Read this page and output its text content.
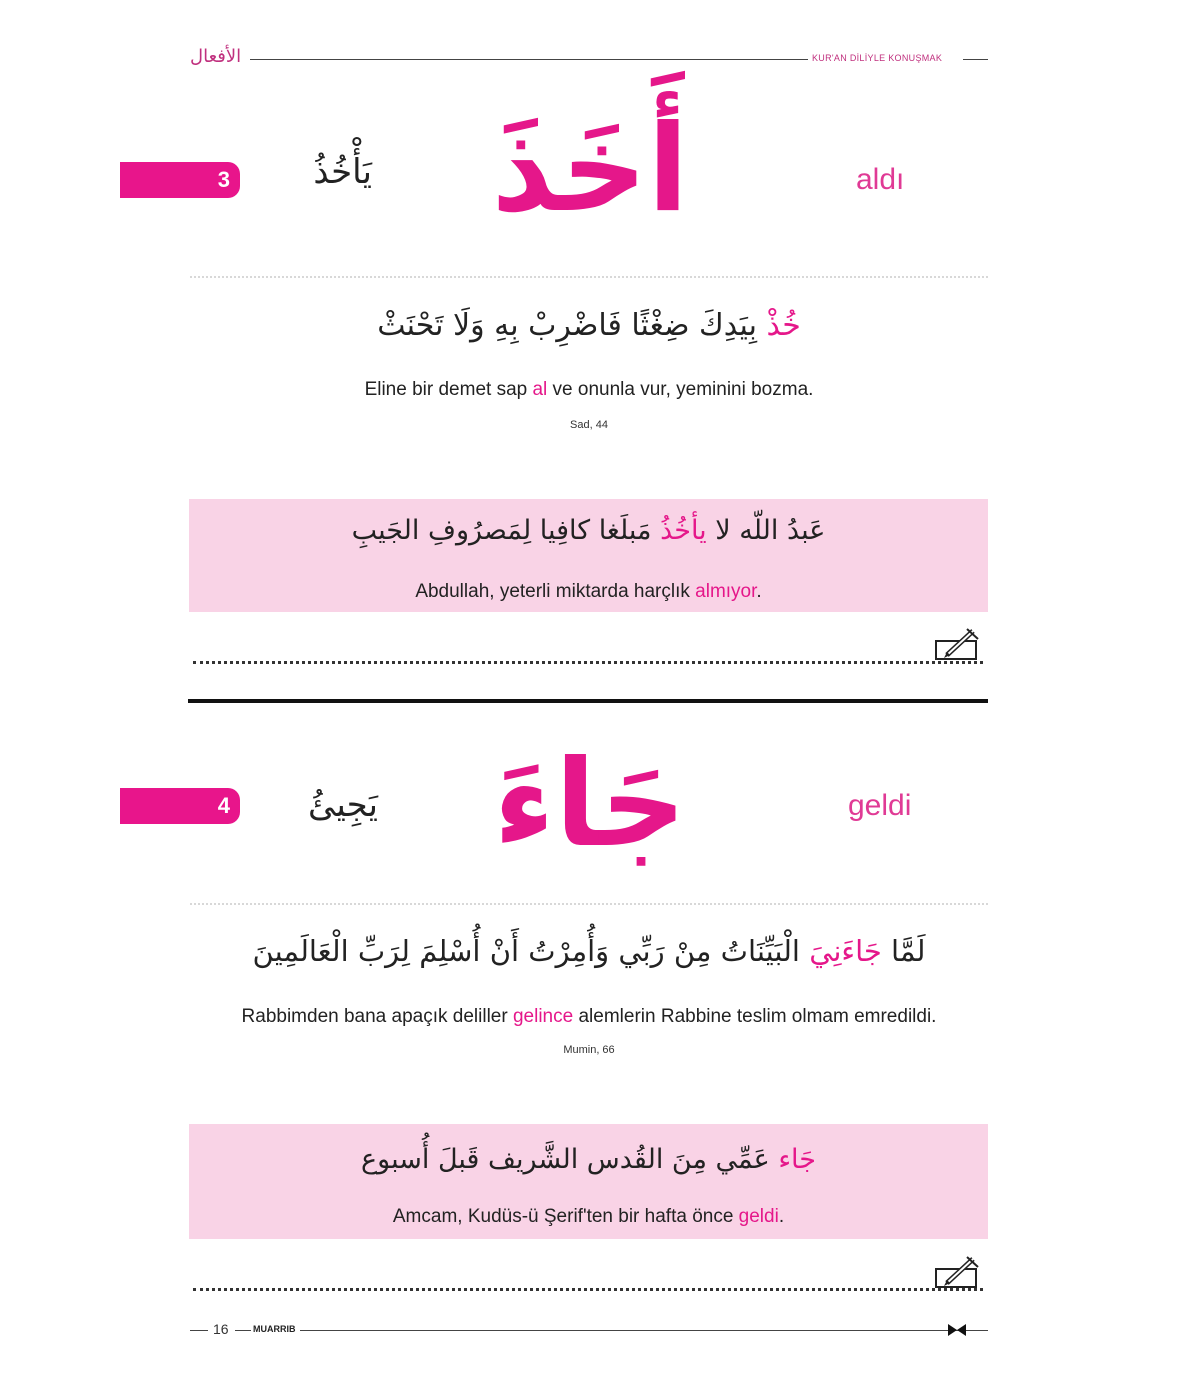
الأفعال	KUR'AN DİLİYLE KONUŞMAK
3	يَأْخُذُ أَخَذَ	aldı
خُذْ بِيَدِكَ ضِغْثًا فَاضْرِبْ بِهِ وَلَا تَحْنَثْ
Eline bir demet sap al ve onunla vur, yeminini bozma.
Sad, 44
عَبدُ اللّه لا يأخُذُ مَبلَغا كافِيا لِمَصرُوفِ الجَيبِ
Abdullah, yeterli miktarda harçlık almıyor.
4	يَجِيئُ جَاءَ	geldi
لَمَّا جَاءَنِيَ الْبَيِّنَاتُ مِنْ رَبِّي وَأُمِرْتُ أَنْ أُسْلِمَ لِرَبِّ الْعَالَمِينَ
Rabbimden bana apaçık deliller gelince alemlerin Rabbine teslim olmam emredildi.
Mumin, 66
جَاء عَمِّي مِنَ القُدس الشَّريف قَبلَ أُسبوع
Amcam, Kudüs-ü Şerif'ten bir hafta önce geldi.
16	MUARRIB
